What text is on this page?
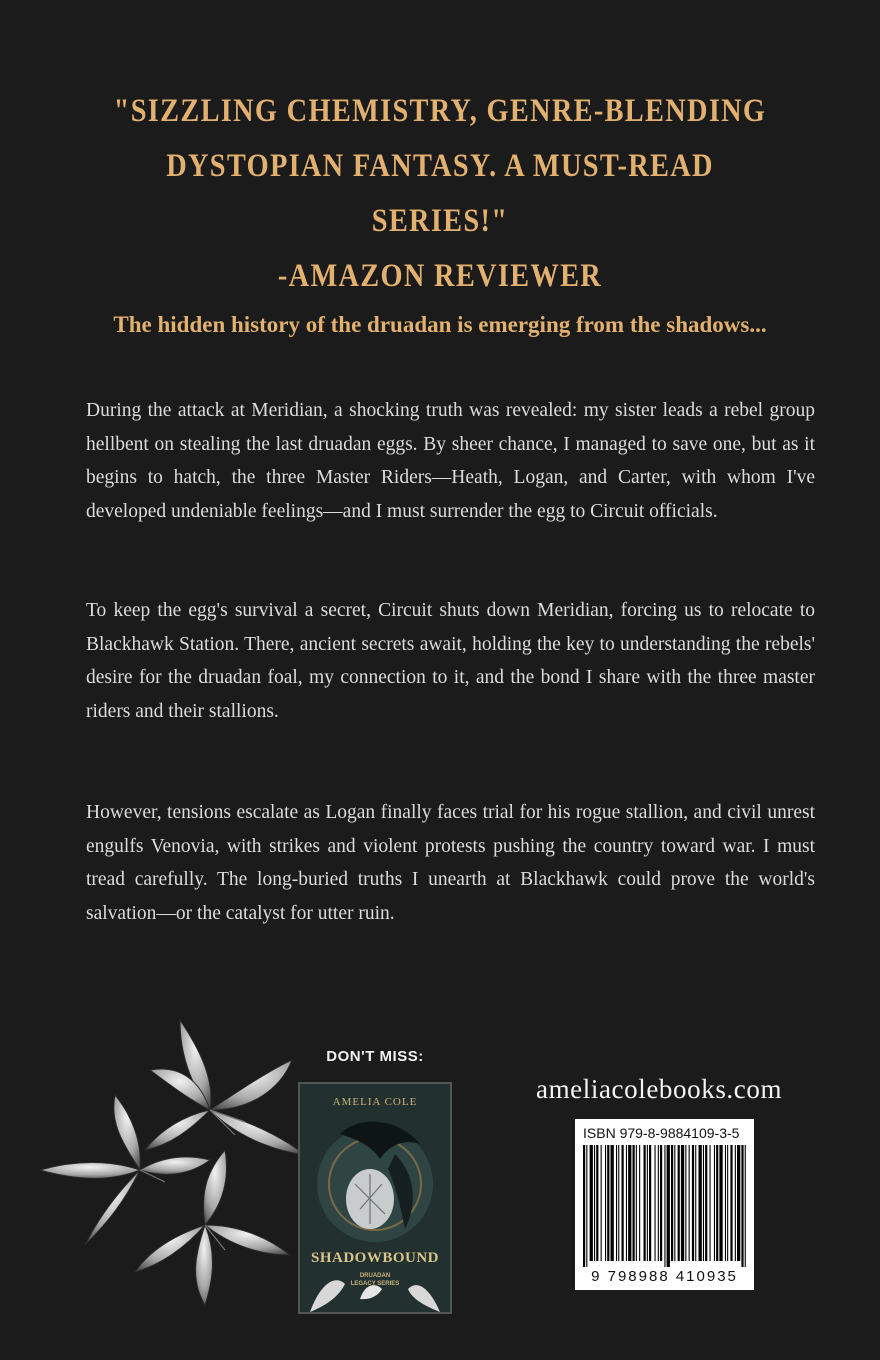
"SIZZLING CHEMISTRY, GENRE-BLENDING
DYSTOPIAN FANTASY. A MUST-READ SERIES!"
-AMAZON REVIEWER
The hidden history of the druadan is emerging from the shadows...

During the attack at Meridian, a shocking truth was revealed: my sister leads a rebel group hellbent on stealing the last druadan eggs. By sheer chance, I managed to save one, but as it begins to hatch, the three Master Riders—Heath, Logan, and Carter, with whom I've developed undeniable feelings—and I must surrender the egg to Circuit officials.

To keep the egg's survival a secret, Circuit shuts down Meridian, forcing us to relocate to Blackhawk Station. There, ancient secrets await, holding the key to understanding the rebels' desire for the druadan foal, my connection to it, and the bond I share with the three master riders and their stallions.

However, tensions escalate as Logan finally faces trial for his rogue stallion, and civil unrest engulfs Venovia, with strikes and violent protests pushing the country toward war. I must tread carefully. The long-buried truths I unearth at Blackhawk could prove the world's salvation—or the catalyst for utter ruin.

DON'T MISS:
AMELIA COLE
SHADOWBOUND
DRUADAN LEGACY SERIES
ameliacolebooks.com
ISBN 979-8-9884109-3-5
9 798988 410935
